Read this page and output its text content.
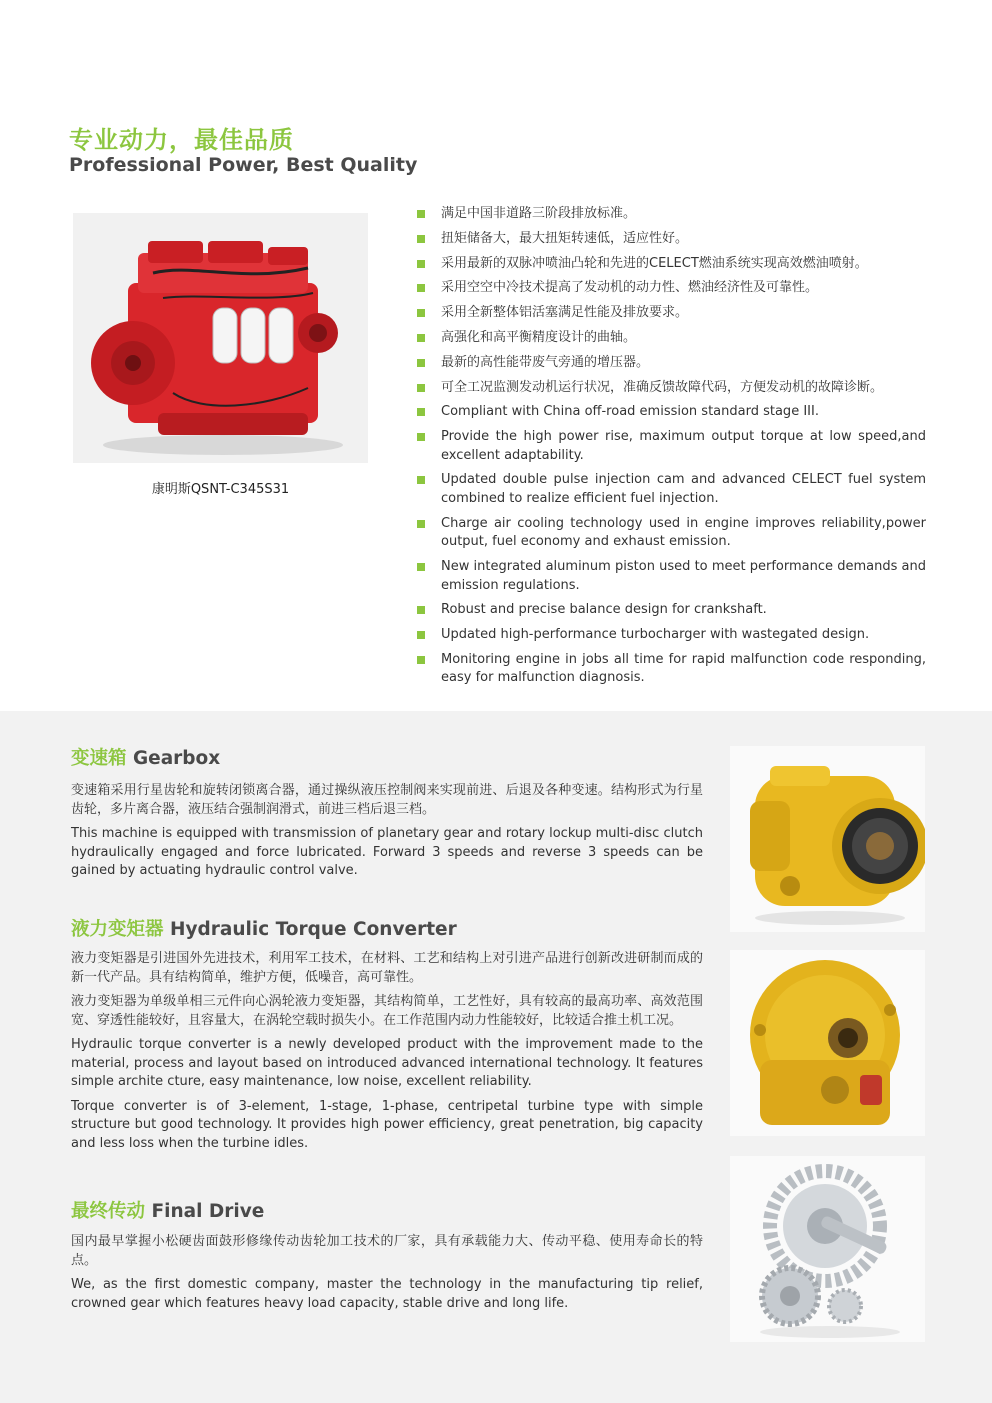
专业动力，最佳品质
Professional Power, Best Quality
康明斯QSNT-C345S31
满足中国非道路三阶段排放标准。
扭矩储备大，最大扭矩转速低，适应性好。
采用最新的双脉冲喷油凸轮和先进的CELECT燃油系统实现高效燃油喷射。
采用空空中冷技术提高了发动机的动力性、燃油经济性及可靠性。
采用全新整体铝活塞满足性能及排放要求。
高强化和高平衡精度设计的曲轴。
最新的高性能带废气旁通的增压器。
可全工况监测发动机运行状况，准确反馈故障代码，方便发动机的故障诊断。
Compliant with China off-road emission standard stage III.
Provide the high power rise, maximum output torque at low speed,and excellent adaptability.
Updated double pulse injection cam and advanced CELECT fuel system combined to realize efficient fuel injection.
Charge air cooling technology used in engine improves reliability,power output, fuel economy and exhaust emission.
New integrated aluminum piston used to meet performance demands and emission regulations.
Robust and precise balance design for crankshaft.
Updated high-performance turbocharger with wastegated design.
Monitoring engine in jobs all time for rapid malfunction code responding, easy for malfunction diagnosis.
变速箱 Gearbox

变速箱采用行星齿轮和旋转闭锁离合器，通过操纵液压控制阀来实现前进、后退及各种变速。结构形式为行星齿轮，多片离合器，液压结合强制润滑式，前进三档后退三档。

This machine is equipped with transmission of planetary gear and rotary lockup multi-disc clutch hydraulically engaged and force lubricated. Forward 3 speeds and reverse 3 speeds can be gained by actuating hydraulic control valve.

液力变矩器 Hydraulic Torque Converter

液力变矩器是引进国外先进技术，利用军工技术，在材料、工艺和结构上对引进产品进行创新改进研制而成的新一代产品。具有结构简单，维护方便，低噪音，高可靠性。

液力变矩器为单级单相三元件向心涡轮液力变矩器，其结构简单，工艺性好，具有较高的最高功率、高效范围宽、穿透性能较好，且容量大，在涡轮空载时损失小。在工作范围内动力性能较好，比较适合推土机工况。

Hydraulic torque converter is a newly developed product with the improvement made to the material, process and layout based on introduced advanced international technology. It features simple archite cture, easy maintenance, low noise, excellent reliability.

Torque converter is of 3-element, 1-stage, 1-phase, centripetal turbine type with simple structure but good technology. It provides high power efficiency, great penetration, big capacity and less loss when the turbine idles.

最终传动 Final Drive

国内最早掌握小松硬齿面鼓形修缘传动齿轮加工技术的厂家，具有承载能力大、传动平稳、使用寿命长的特点。

We, as the first domestic company, master the technology in the manufacturing tip relief, crowned gear which features heavy load capacity, stable drive and long life.
